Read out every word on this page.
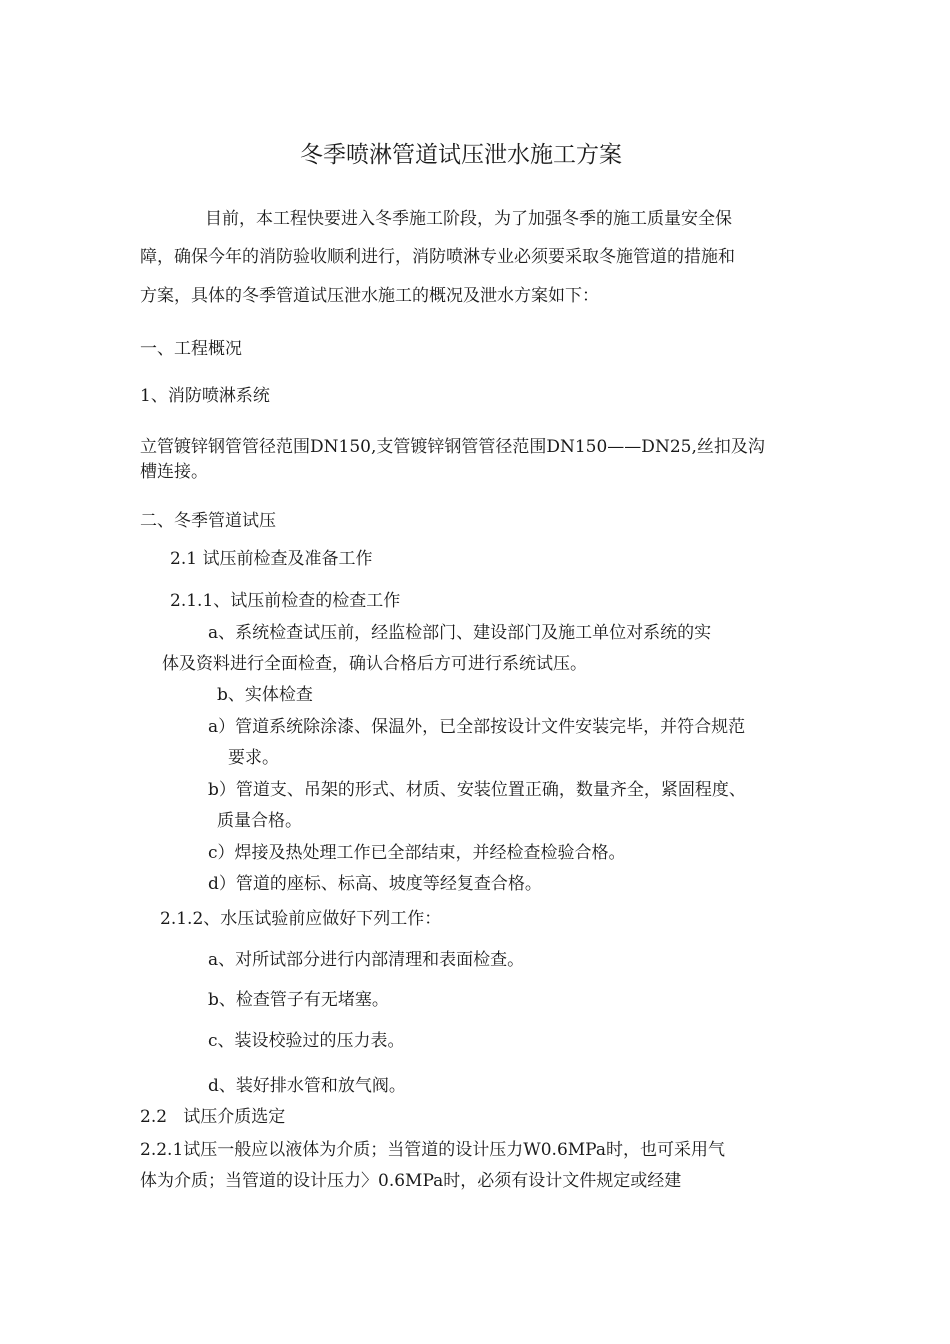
冬季喷淋管道试压泄水施工方案
目前，本工程快要进入冬季施工阶段，为了加强冬季的施工质量安全保
障，确保今年的消防验收顺利进行，消防喷淋专业必须要采取冬施管道的措施和
方案，具体的冬季管道试压泄水施工的概况及泄水方案如下：
一、工程概况
1、消防喷淋系统
立管镀锌钢管管径范围DN150,支管镀锌钢管管径范围DN150——DN25,丝扣及沟
槽连接。
二、冬季管道试压
2.1 试压前检查及准备工作
2.1.1、试压前检查的检查工作
a、系统检查试压前，经监检部门、建设部门及施工单位对系统的实
体及资料进行全面检查，确认合格后方可进行系统试压。
b、实体检查
a）管道系统除涂漆、保温外，已全部按设计文件安装完毕，并符合规范
要求。
b）管道支、吊架的形式、材质、安装位置正确，数量齐全，紧固程度、
质量合格。
c）焊接及热处理工作已全部结束，并经检查检验合格。
d）管道的座标、标高、坡度等经复查合格。
2.1.2、水压试验前应做好下列工作：
a、对所试部分进行内部清理和表面检查。
b、检查管子有无堵塞。
c、装设校验过的压力表。
d、装好排水管和放气阀。
2.2   试压介质选定
2.2.1试压一般应以液体为介质；当管道的设计压力W0.6MPa时，也可采用气
体为介质；当管道的设计压力〉0.6MPa时，必须有设计文件规定或经建
